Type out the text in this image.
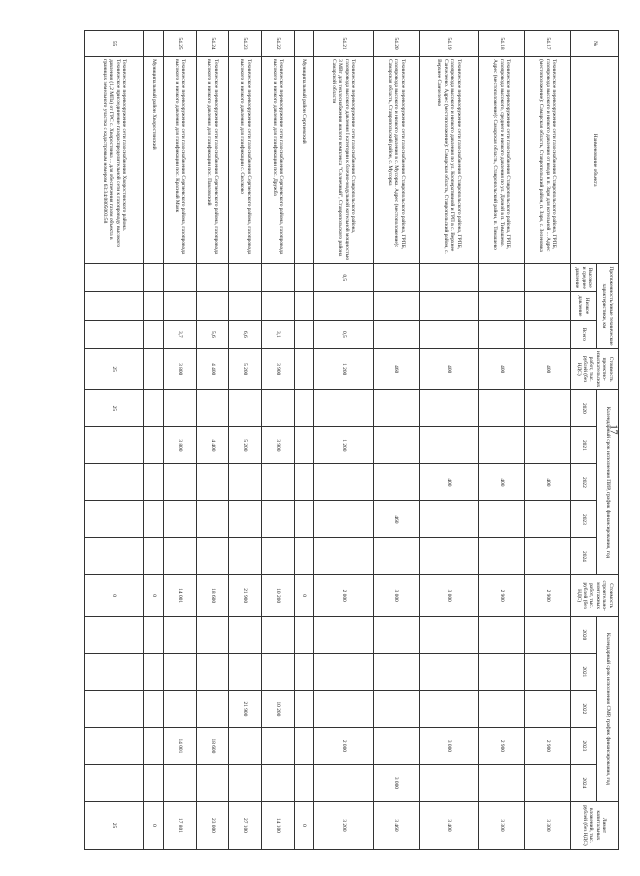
17
№	Наименование объекта	Протяженность/иные технические характеристики, км			Стоимость проектно-изыскательских работ, тыс. рублей (без НДС)	Календарный срок исполнения ПИР, график финансирования, год					Стоимость строительно-монтажных работ, тыс. рублей (без НДС)	Календарный срок исполнения СМР, график финансирования, год					Лимит капитальных вложений, тыс. рублей (без НДС)
		Высокое и среднее давление	Низкое давление	Всего		2020	2021	2022	2023	2024		2020	2021	2022	2023	2024	
54.17	Техническое перевооружение сети газоснабжения Ставропольского района, ГРПБ, газопровода высокого и низкого давления от ввода в п. Заря для котельной ... Адрес (местоположение): Самарская область, Ставропольский район, п. Заря, с. Зеленовка				400			400			2 900				2 900		3 300
54.18	Техническое перевооружение сети газоснабжения Ставропольского района, ГРПБ, газопровода высокого, среднего и низкого давления по ул. Дачной в п. Тимашево. Адрес (местоположение): Самарская область, Ставропольский район, п. Тимашево				400			400			2 900				2 900		3 300
54.19	Техническое перевооружение сети газоснабжения Ставропольского района, ГРПБ, газопровода высокого и низкого давления по ул. Кооперативной и ГРП в с. Верхнее Санчелеево. Адрес (местоположение): Самарская область, Ставропольский район, с. Верхнее Санчелеево				400			400			3 000				3 000		3 400
54.20	Техническое перевооружение сети газоснабжения Ставропольского района, ГРПБ, газопровода высокого и низкого давления в с. Мусорка. Адрес (местоположение): Самарская область, Ставропольский район, с. Мусорка				460				460		3 000					3 000	3 460
54.21	Техническое перевооружение сети газоснабжения Ставропольского района, газопровода высокого давления I категории к блочно-модульной котельной мощностью 3 МВт для теплоснабжения жилого комплекса "Солнечный", Ставропольского района Самарской области	0,5		0,5	1 200		1 200				2 000				2 000		3 200
	Муниципальный район Сергиевский										0						0
54.22	Техническое перевооружение сети газоснабжения Сергиевского района, газопровода высокого и низкого давления для газификации пос. Дружба			3,1	3 900		3 900				10 200			10 200			14 100
54.23	Техническое перевооружение сети газоснабжения Сергиевского района, газопровода высокого и низкого давления для газификации с. Сколково			6,6	5 200		5 200				21 900			21 900			27 100
54.24	Техническое перевооружение сети газоснабжения Сергиевского района, газопровода высокого и низкого давления для газификации пос. Павловский			5,6	4 400		4 400				18 600				18 600		23 000
54.25	Техническое перевооружение сети газоснабжения Сергиевского района, газопровода высокого и низкого давления для газификации пос. Красный Маяк			3,7	3 800		3 800				14 001				14 001		17 801
	Муниципальный район Хворостянский										0						0
55	Техническое перевооружение сети газоснабжения Хворостянского района. Техническое присоединение газораспределительной сети к газопроводу высокого давления (1,2 МПа) от ГРС с. Хворостянка ... для обеспечения газом объекта в границах земельного участка с кадастровым номером 63:34:0805003:58				25	25					0						25
